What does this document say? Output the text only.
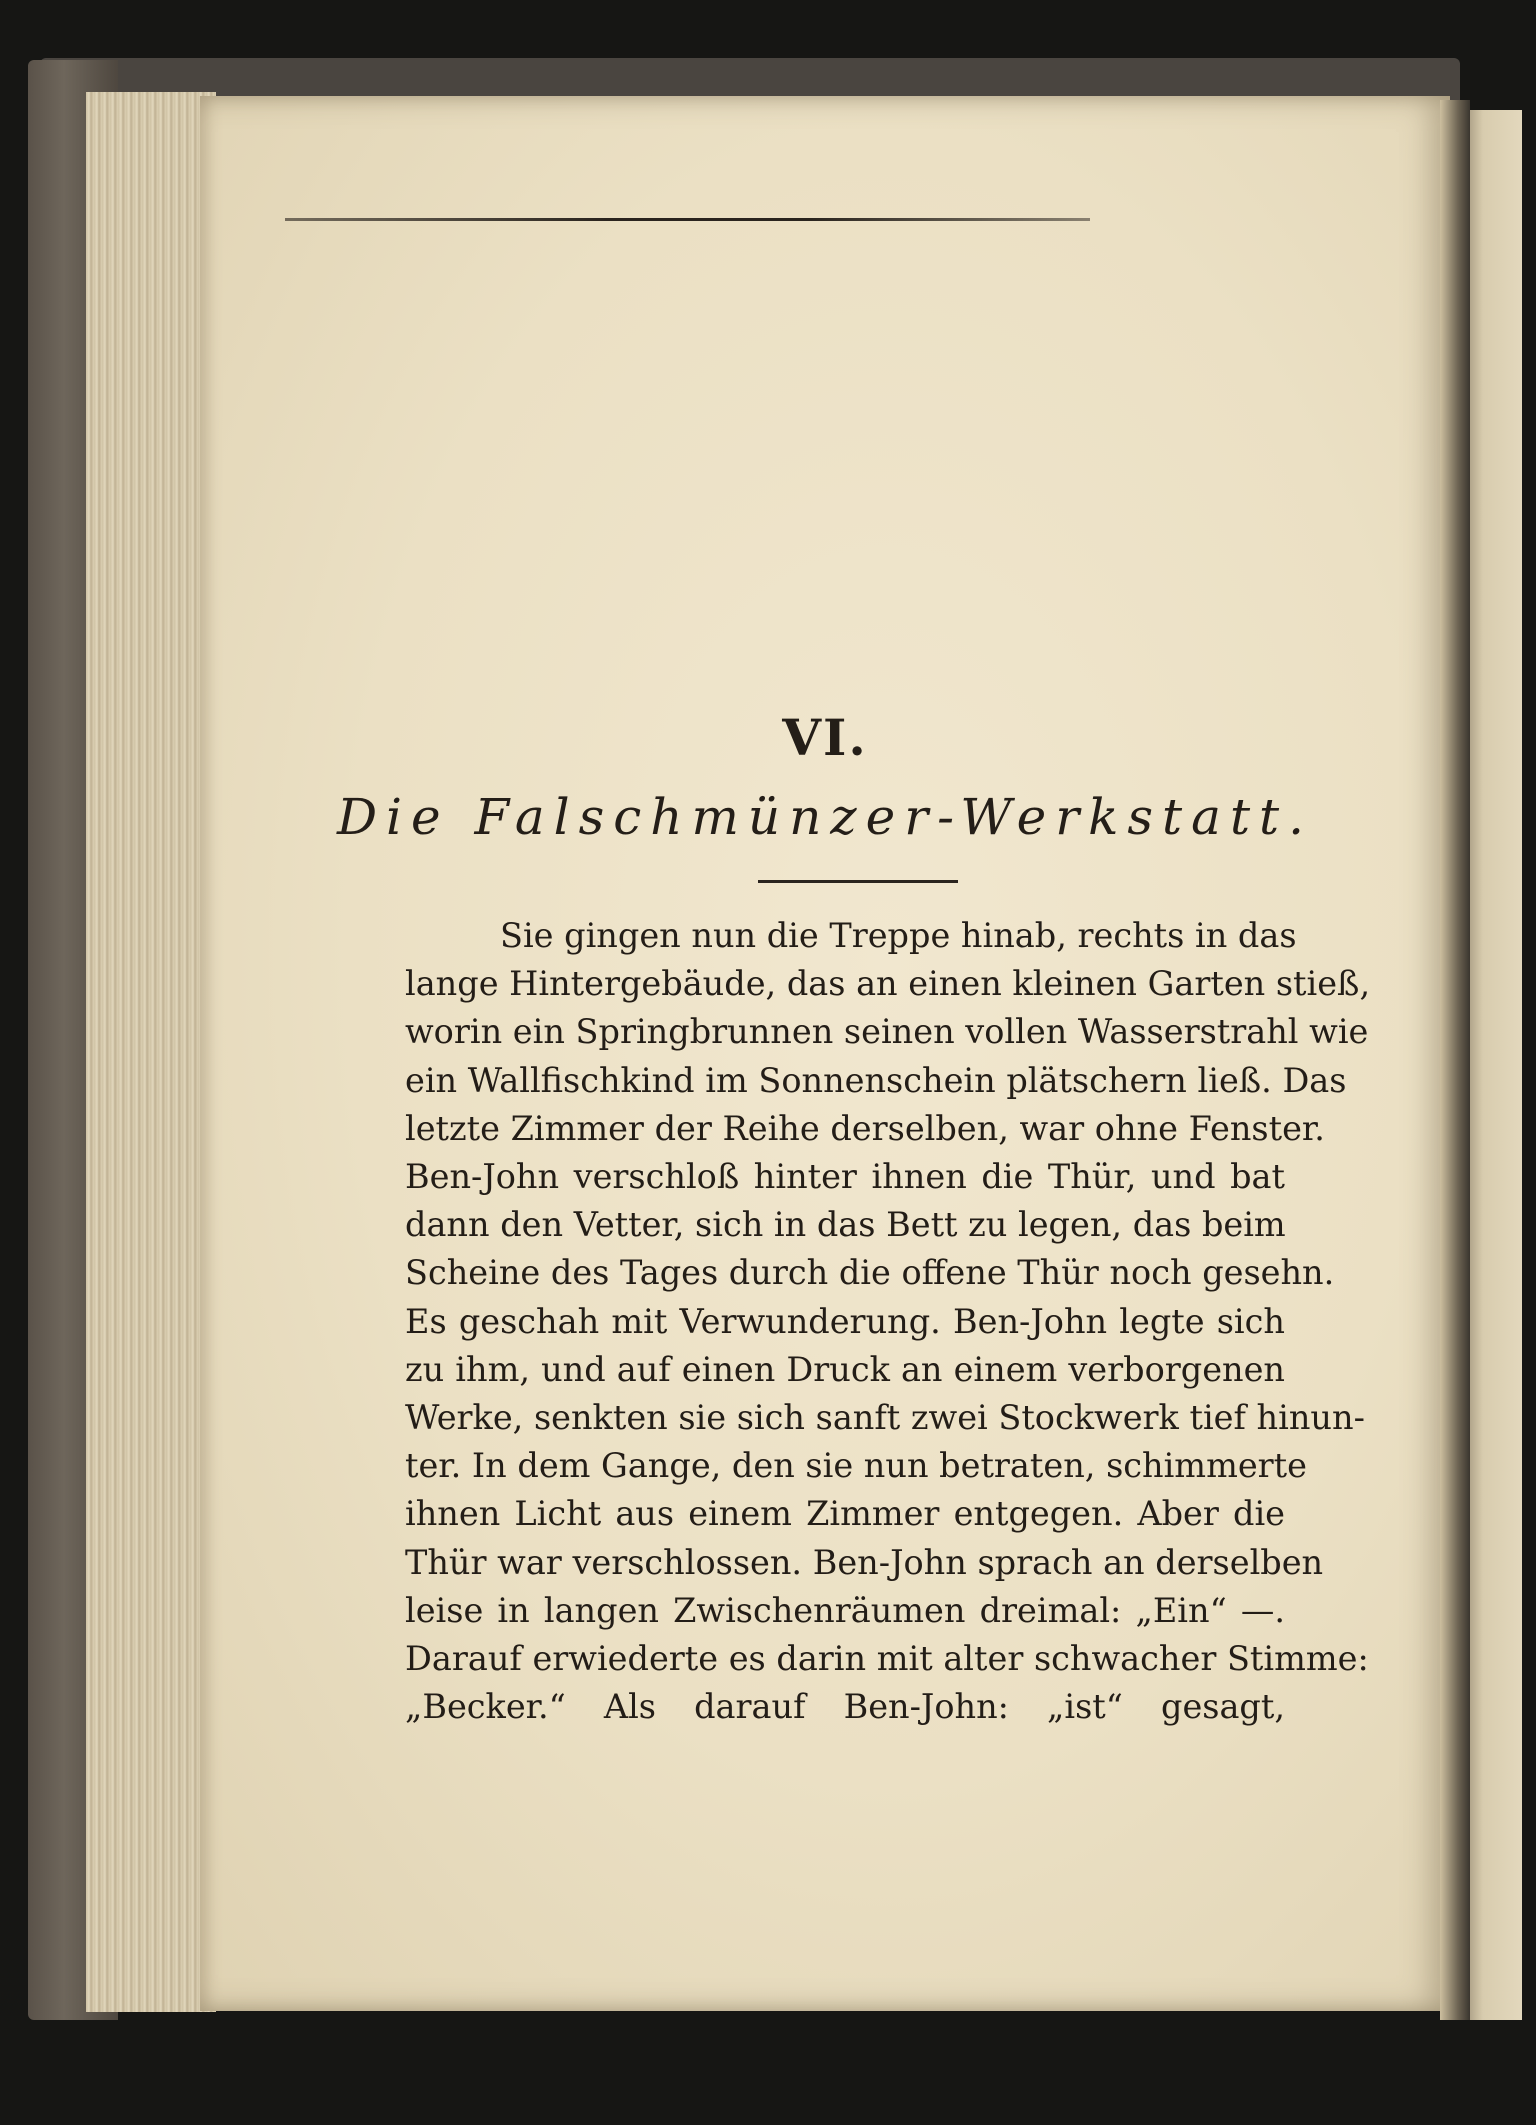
VI.
Die Falschmünzer-Werkstatt.
Sie gingen nun die Treppe hinab, rechts in das
lange Hintergebäude, das an einen kleinen Garten stieß,
worin ein Springbrunnen seinen vollen Wasserstrahl wie
ein Wallfischkind im Sonnenschein plätschern ließ. Das
letzte Zimmer der Reihe derselben, war ohne Fenster.
Ben-John verschloß hinter ihnen die Thür, und bat
dann den Vetter, sich in das Bett zu legen, das beim
Scheine des Tages durch die offene Thür noch gesehn.
Es geschah mit Verwunderung. Ben-John legte sich
zu ihm, und auf einen Druck an einem verborgenen
Werke, senkten sie sich sanft zwei Stockwerk tief hinun-
ter. In dem Gange, den sie nun betraten, schimmerte
ihnen Licht aus einem Zimmer entgegen. Aber die
Thür war verschlossen. Ben-John sprach an derselben
leise in langen Zwischenräumen dreimal: „Ein“ —.
Darauf erwiederte es darin mit alter schwacher Stimme:
„Becker.“ Als darauf Ben-John: „ist“ gesagt,
